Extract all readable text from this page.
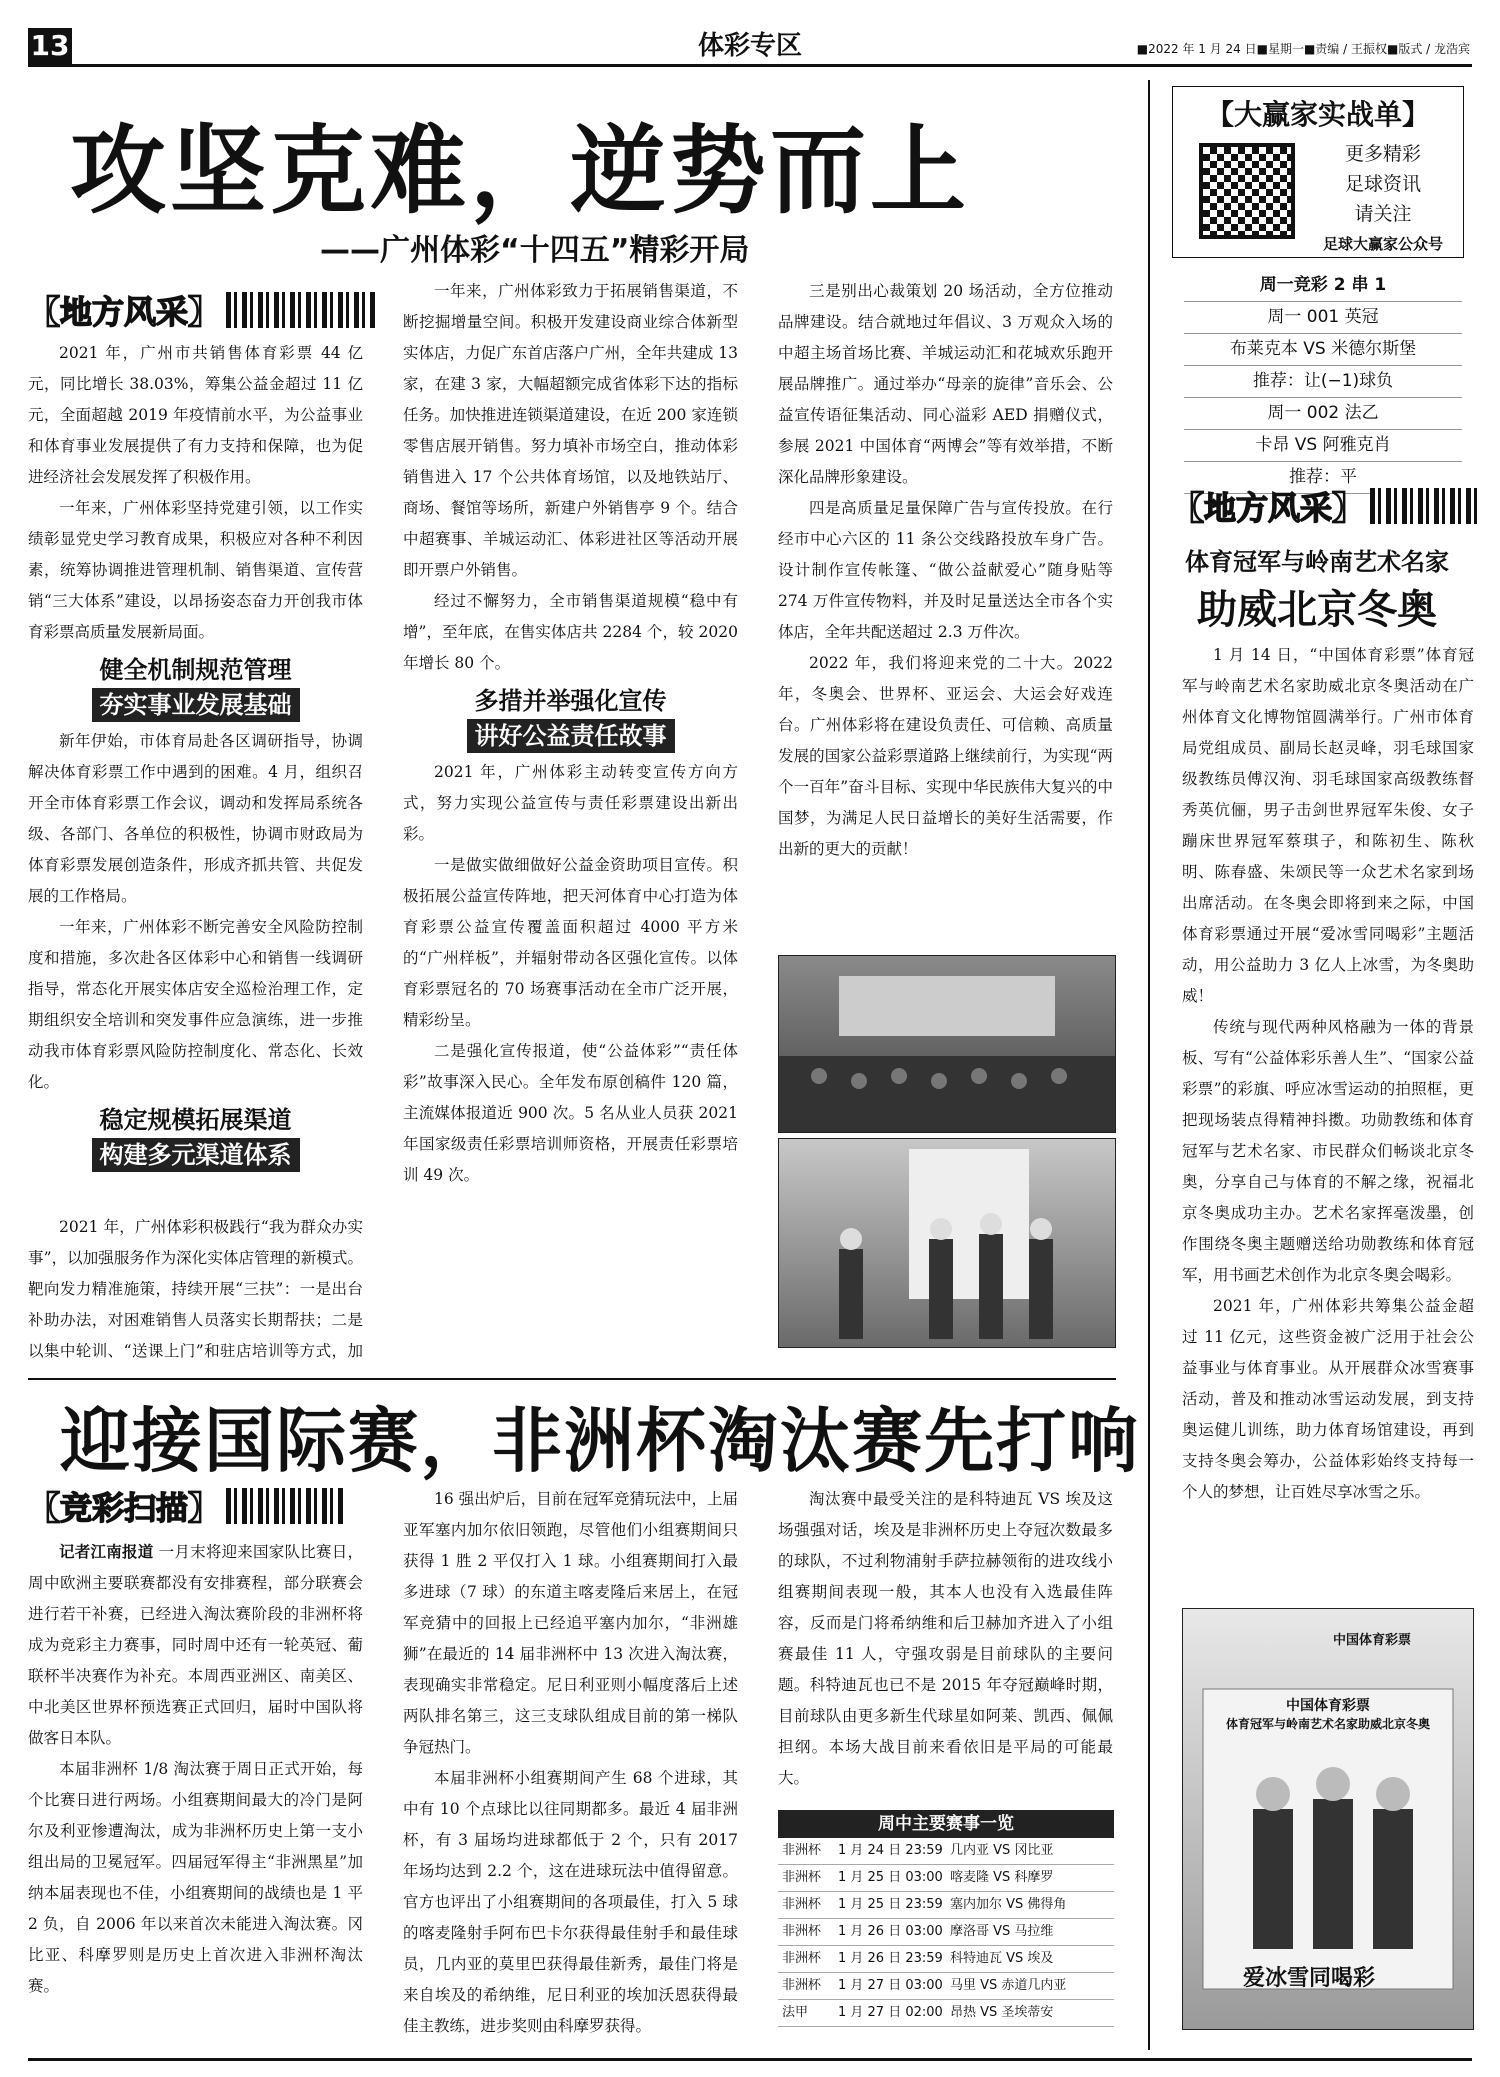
13	体彩专区	■2022 年 1 月 24 日■星期一■责编 / 王振权■版式 / 龙浩宾
攻坚克难，逆势而上
——广州体彩“十四五”精彩开局
【地方风采】

2021 年，广州市共销售体育彩票 44 亿元，同比增长 38.03%，筹集公益金超过 11 亿元，全面超越 2019 年疫情前水平，为公益事业和体育事业发展提供了有力支持和保障，也为促进经济社会发展发挥了积极作用。

一年来，广州体彩坚持党建引领，以工作实绩彰显党史学习教育成果，积极应对各种不利因素，统筹协调推进管理机制、销售渠道、宣传营销“三大体系”建设，以昂扬姿态奋力开创我市体育彩票高质量发展新局面。

健全机制规范管理
夯实事业发展基础

新年伊始，市体育局赴各区调研指导，协调解决体育彩票工作中遇到的困难。4 月，组织召开全市体育彩票工作会议，调动和发挥局系统各级、各部门、各单位的积极性，协调市财政局为体育彩票发展创造条件，形成齐抓共管、共促发展的工作格局。

一年来，广州体彩不断完善安全风险防控制度和措施，多次赴各区体彩中心和销售一线调研指导，常态化开展实体店安全巡检治理工作，定期组织安全培训和突发事件应急演练，进一步推动我市体育彩票风险防控制度化、常态化、长效化。

稳定规模拓展渠道
构建多元渠道体系

2021 年，广州体彩积极践行“我为群众办实事”，以加强服务作为深化实体店管理的新模式。靶向发力精准施策，持续开展“三扶”：一是出台补助办法，对困难销售人员落实长期帮扶；二是以集中轮训、“送课上门”和驻店培训等方式，加

一年来，广州体彩致力于拓展销售渠道，不断挖掘增量空间。积极开发建设商业综合体新型实体店，力促广东首店落户广州，全年共建成 13 家，在建 3 家，大幅超额完成省体彩下达的指标任务。加快推进连锁渠道建设，在近 200 家连锁零售店展开销售。努力填补市场空白，推动体彩销售进入 17 个公共体育场馆，以及地铁站厅、商场、餐馆等场所，新建户外销售亭 9 个。结合中超赛事、羊城运动汇、体彩进社区等活动开展即开票户外销售。

经过不懈努力，全市销售渠道规模“稳中有增”，至年底，在售实体店共 2284 个，较 2020 年增长 80 个。

多措并举强化宣传
讲好公益责任故事

2021 年，广州体彩主动转变宣传方向方式，努力实现公益宣传与责任彩票建设出新出彩。

一是做实做细做好公益金资助项目宣传。积极拓展公益宣传阵地，把天河体育中心打造为体育彩票公益宣传覆盖面积超过 4000 平方米的“广州样板”，并辐射带动各区强化宣传。以体育彩票冠名的 70 场赛事活动在全市广泛开展，精彩纷呈。

二是强化宣传报道，使“公益体彩”“责任体彩”故事深入民心。全年发布原创稿件 120 篇，主流媒体报道近 900 次。5 名从业人员获 2021 年国家级责任彩票培训师资格，开展责任彩票培训 49 次。

三是别出心裁策划 20 场活动，全方位推动品牌建设。结合就地过年倡议、3 万观众入场的中超主场首场比赛、羊城运动汇和花城欢乐跑开展品牌推广。通过举办“母亲的旋律”音乐会、公益宣传语征集活动、同心溢彩 AED 捐赠仪式，参展 2021 中国体育“两博会”等有效举措，不断深化品牌形象建设。

四是高质量足量保障广告与宣传投放。在行经市中心六区的 11 条公交线路投放车身广告。设计制作宣传帐篷、“做公益献爱心”随身贴等 274 万件宣传物料，并及时足量送达全市各个实体店，全年共配送超过 2.3 万件次。

2022 年，我们将迎来党的二十大。2022 年，冬奥会、世界杯、亚运会、大运会好戏连台。广州体彩将在建设负责任、可信赖、高质量发展的国家公益彩票道路上继续前行，为实现“两个一百年”奋斗目标、实现中华民族伟大复兴的中国梦，为满足人民日益增长的美好生活需要，作出新的更大的贡献！

【大赢家实战单】
更多精彩
足球资讯
请关注
足球大赢家公众号
周一竞彩 2 串 1
周一 001 英冠
布莱克本 VS 米德尔斯堡
推荐：让(−1)球负
周一 002 法乙
卡昂 VS 阿雅克肖
推荐：平
【地方风采】
体育冠军与岭南艺术名家
助威北京冬奥

1 月 14 日，“中国体育彩票”体育冠军与岭南艺术名家助威北京冬奥活动在广州体育文化博物馆圆满举行。广州市体育局党组成员、副局长赵灵峰，羽毛球国家级教练员傅汉洵、羽毛球国家高级教练督秀英伉俪，男子击剑世界冠军朱俊、女子蹦床世界冠军蔡琪子，和陈初生、陈秋明、陈春盛、朱颂民等一众艺术名家到场出席活动。在冬奥会即将到来之际，中国体育彩票通过开展“爱冰雪同喝彩”主题活动，用公益助力 3 亿人上冰雪，为冬奥助威！

传统与现代两种风格融为一体的背景板、写有“公益体彩乐善人生”、“国家公益彩票”的彩旗、呼应冰雪运动的拍照框，更把现场装点得精神抖擞。功勋教练和体育冠军与艺术名家、市民群众们畅谈北京冬奥，分享自己与体育的不解之缘，祝福北京冬奥成功主办。艺术名家挥毫泼墨，创作围绕冬奥主题赠送给功勋教练和体育冠军，用书画艺术创作为北京冬奥会喝彩。

2021 年，广州体彩共筹集公益金超过 11 亿元，这些资金被广泛用于社会公益事业与体育事业。从开展群众冰雪赛事活动，普及和推动冰雪运动发展，到支持奥运健儿训练，助力体育场馆建设，再到支持冬奥会筹办，公益体彩始终支持每一个人的梦想，让百姓尽享冰雪之乐。

中国体育彩票
中国体育彩票
体育冠军与岭南艺术名家助威北京冬奥
爱冰雪同喝彩
迎接国际赛，非洲杯淘汰赛先打响
【竞彩扫描】

记者江南报道 一月末将迎来国家队比赛日，周中欧洲主要联赛都没有安排赛程，部分联赛会进行若干补赛，已经进入淘汰赛阶段的非洲杯将成为竞彩主力赛事，同时周中还有一轮英冠、葡联杯半决赛作为补充。本周西亚洲区、南美区、中北美区世界杯预选赛正式回归，届时中国队将做客日本队。

本届非洲杯 1/8 淘汰赛于周日正式开始，每个比赛日进行两场。小组赛期间最大的冷门是阿尔及利亚惨遭淘汰，成为非洲杯历史上第一支小组出局的卫冕冠军。四届冠军得主“非洲黑星”加纳本届表现也不佳，小组赛期间的战绩也是 1 平 2 负，自 2006 年以来首次未能进入淘汰赛。冈比亚、科摩罗则是历史上首次进入非洲杯淘汰赛。

16 强出炉后，目前在冠军竞猜玩法中，上届亚军塞内加尔依旧领跑，尽管他们小组赛期间只获得 1 胜 2 平仅打入 1 球。小组赛期间打入最多进球（7 球）的东道主喀麦隆后来居上，在冠军竞猜中的回报上已经追平塞内加尔，“非洲雄狮”在最近的 14 届非洲杯中 13 次进入淘汰赛，表现确实非常稳定。尼日利亚则小幅度落后上述两队排名第三，这三支球队组成目前的第一梯队争冠热门。

本届非洲杯小组赛期间产生 68 个进球，其中有 10 个点球比以往同期都多。最近 4 届非洲杯，有 3 届场均进球都低于 2 个，只有 2017 年场均达到 2.2 个，这在进球玩法中值得留意。官方也评出了小组赛期间的各项最佳，打入 5 球的喀麦隆射手阿布巴卡尔获得最佳射手和最佳球员，几内亚的莫里巴获得最佳新秀，最佳门将是来自埃及的希纳维，尼日利亚的埃加沃恩获得最佳主教练，进步奖则由科摩罗获得。

淘汰赛中最受关注的是科特迪瓦 VS 埃及这场强强对话，埃及是非洲杯历史上夺冠次数最多的球队，不过利物浦射手萨拉赫领衔的进攻线小组赛期间表现一般，其本人也没有入选最佳阵容，反而是门将希纳维和后卫赫加齐进入了小组赛最佳 11 人，守强攻弱是目前球队的主要问题。科特迪瓦也已不是 2015 年夺冠巅峰时期，目前球队由更多新生代球星如阿莱、凯西、佩佩担纲。本场大战目前来看依旧是平局的可能最大。

周中主要赛事一览
非洲杯	1 月 24 日 23:59 几内亚 VS 冈比亚
非洲杯	1 月 25 日 03:00 喀麦隆 VS 科摩罗
非洲杯	1 月 25 日 23:59 塞内加尔 VS 佛得角
非洲杯	1 月 26 日 03:00 摩洛哥 VS 马拉维
非洲杯	1 月 26 日 23:59 科特迪瓦 VS 埃及
非洲杯	1 月 27 日 03:00 马里 VS 赤道几内亚
法甲	1 月 27 日 02:00 昂热 VS 圣埃蒂安
